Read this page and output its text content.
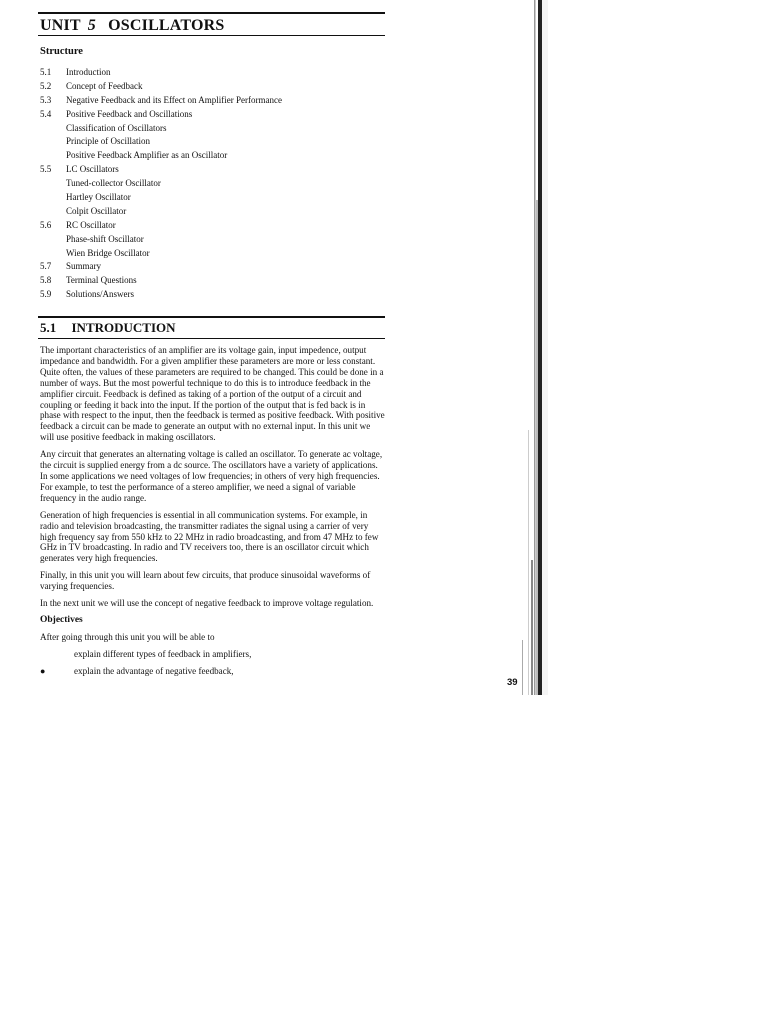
UNIT 5 OSCILLATORS
Structure
5.1	Introduction
5.2	Concept of Feedback
5.3	Negative Feedback and its Effect on Amplifier Performance
5.4	Positive Feedback and Oscillations
Classification of Oscillators
Principle of Oscillation
Positive Feedback Amplifier as an Oscillator
5.5	LC Oscillators
Tuned-collector Oscillator
Hartley Oscillator
Colpit Oscillator
5.6	RC Oscillator
Phase-shift Oscillator
Wien Bridge Oscillator
5.7	Summary
5.8	Terminal Questions
5.9	Solutions/Answers
5.1 INTRODUCTION

The important characteristics of an amplifier are its voltage gain, input impedence, output impedance and bandwidth. For a given amplifier these parameters are more or less constant. Quite often, the values of these parameters are required to be changed. This could be done in a number of ways. But the most powerful technique to do this is to introduce feedback in the amplifier circuit. Feedback is defined as taking of a portion of the output of a circuit and coupling or feeding it back into the input. If the portion of the output that is fed back is in phase with respect to the input, then the feedback is termed as positive feedback. With positive feedback a circuit can be made to generate an output with no external input. In this unit we will use positive feedback in making oscillators.

Any circuit that generates an alternating voltage is called an oscillator. To generate ac voltage, the circuit is supplied energy from a dc source. The oscillators have a variety of applications. In some applications we need voltages of low frequencies; in others of very high frequencies. For example, to test the performance of a stereo amplifier, we need a signal of variable frequency in the audio range.

Generation of high frequencies is essential in all communication systems. For example, in radio and television broadcasting, the transmitter radiates the signal using a carrier of very high frequency say from 550 kHz to 22 MHz in radio broadcasting, and from 47 MHz to few GHz in TV broadcasting. In radio and TV receivers too, there is an oscillator circuit which generates very high frequencies.

Finally, in this unit you will learn about few circuits, that produce sinusoidal waveforms of varying frequencies.

In the next unit we will use the concept of negative feedback to improve voltage regulation.

Objectives

After going through this unit you will be able to

explain different types of feedback in amplifiers,
●	explain the advantage of negative feedback,
39
